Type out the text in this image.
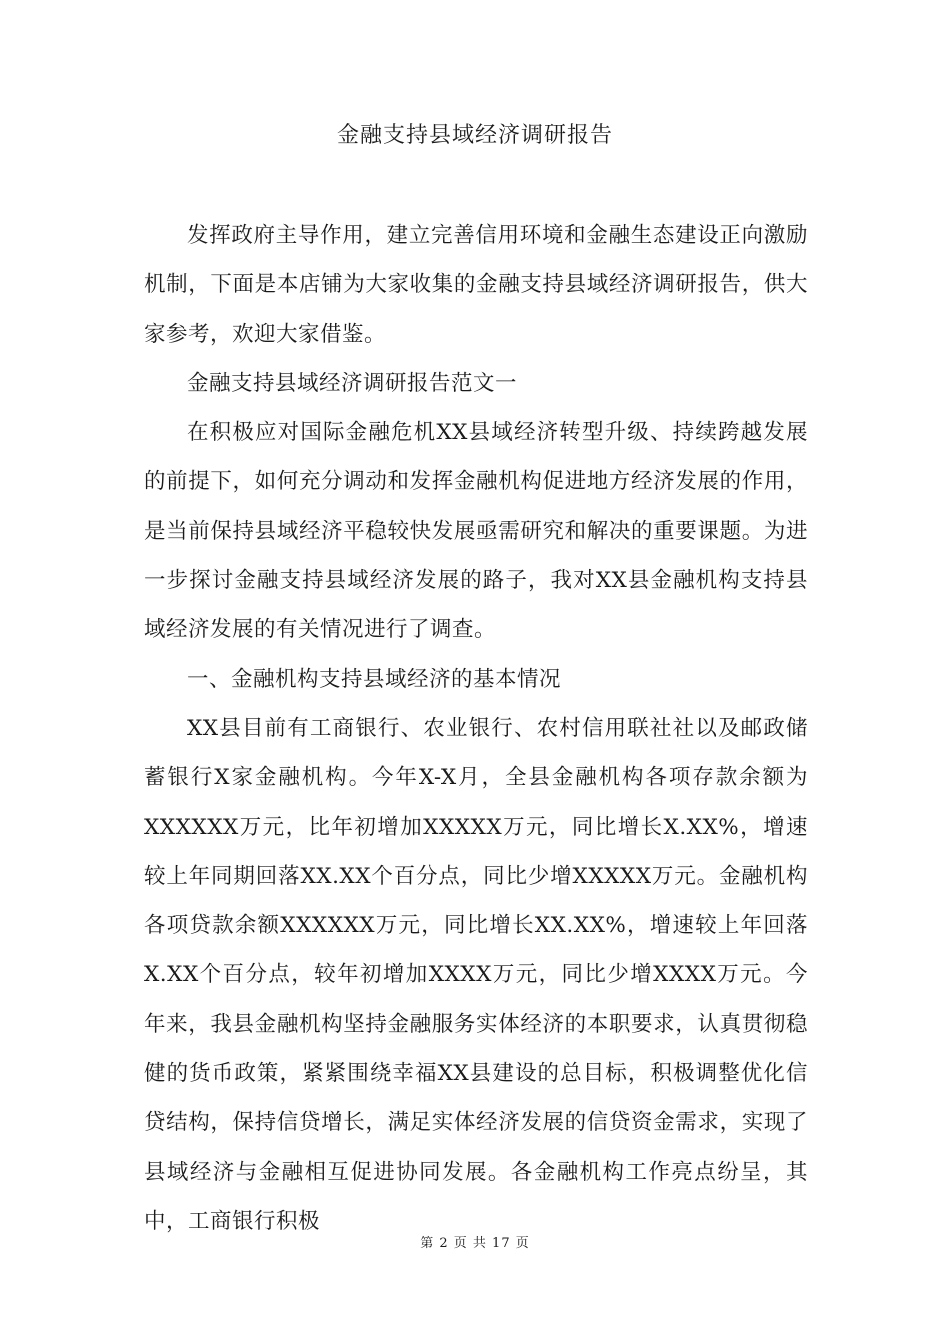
金融支持县域经济调研报告

发挥政府主导作用，建立完善信用环境和金融生态建设正向激励机制，下面是本店铺为大家收集的金融支持县域经济调研报告，供大家参考，欢迎大家借鉴。

金融支持县域经济调研报告范文一

在积极应对国际金融危机XX县域经济转型升级、持续跨越发展的前提下，如何充分调动和发挥金融机构促进地方经济发展的作用，是当前保持县域经济平稳较快发展亟需研究和解决的重要课题。为进一步探讨金融支持县域经济发展的路子，我对XX县金融机构支持县域经济发展的有关情况进行了调查。

一、金融机构支持县域经济的基本情况

XX县目前有工商银行、农业银行、农村信用联社社以及邮政储蓄银行X家金融机构。今年X-X月，全县金融机构各项存款余额为XXXXXX万元，比年初增加XXXXX万元，同比增长X.XX%，增速较上年同期回落XX.XX个百分点，同比少增XXXXX万元。金融机构各项贷款余额XXXXXX万元，同比增长XX.XX%，增速较上年回落X.XX个百分点，较年初增加XXXX万元，同比少增XXXX万元。今年来，我县金融机构坚持金融服务实体经济的本职要求，认真贯彻稳健的货币政策，紧紧围绕幸福XX县建设的总目标，积极调整优化信贷结构，保持信贷增长，满足实体经济发展的信贷资金需求，实现了县域经济与金融相互促进协同发展。各金融机构工作亮点纷呈，其中，工商银行积极

第 2 页 共 17 页
